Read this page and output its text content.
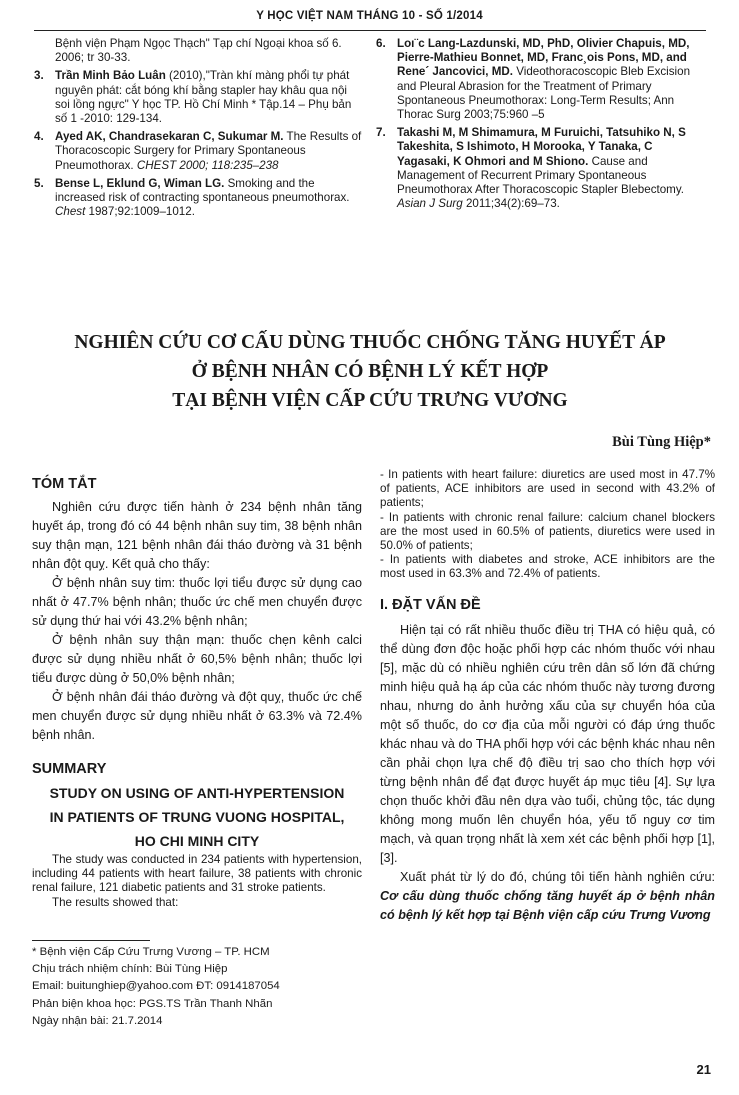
Y HỌC VIỆT NAM THÁNG 10 - SỐ 1/2014
Bệnh viện Phạm Ngọc Thạch" Tạp chí Ngoại khoa số 6. 2006; tr 30-33.
3. Trần Minh Bảo Luân (2010),"Tràn khí màng phổi tự phát nguyên phát: cắt bóng khí bằng stapler hay khâu qua nội soi lồng ngực" Y học TP. Hồ Chí Minh * Tập.14 – Phụ bản số 1 -2010: 129-134.
4. Ayed AK, Chandrasekaran C, Sukumar M. The Results of Thoracoscopic Surgery for Primary Spontaneous Pneumothorax. CHEST 2000; 118:235–238
5. Bense L, Eklund G, Wiman LG. Smoking and the increased risk of contracting spontaneous pneumothorax. Chest 1987;92:1009–1012.
6. Loı¨c Lang-Lazdunski, MD, PhD, Olivier Chapuis, MD, Pierre-Mathieu Bonnet, MD, Franc¸ois Pons, MD, and Rene´ Jancovici, MD. Videothoracoscopic Bleb Excision and Pleural Abrasion for the Treatment of Primary Spontaneous Pneumothorax: Long-Term Results; Ann Thorac Surg 2003;75:960 –5
7. Takashi M, M Shimamura, M Furuichi, Tatsuhiko N, S Takeshita, S Ishimoto, H Morooka, Y Tanaka, C Yagasaki, K Ohmori and M Shiono. Cause and Management of Recurrent Primary Spontaneous Pneumothorax After Thoracoscopic Stapler Blebectomy. Asian J Surg 2011;34(2):69–73.
NGHIÊN CỨU CƠ CẤU DÙNG THUỐC CHỐNG TĂNG HUYẾT ÁP
Ở BỆNH NHÂN CÓ BỆNH LÝ KẾT HỢP
TẠI BỆNH VIỆN CẤP CỨU TRƯNG VƯƠNG
Bùi Tùng Hiệp*
TÓM TẮT

Nghiên cứu được tiến hành ở 234 bệnh nhân tăng huyết áp, trong đó có 44 bệnh nhân suy tim, 38 bệnh nhân suy thận mạn, 121 bệnh nhân đái tháo đường và 31 bệnh nhân đột quỵ. Kết quả cho thấy:

Ở bệnh nhân suy tim: thuốc lợi tiểu được sử dụng cao nhất ở 47.7% bệnh nhân; thuốc ức chế men chuyển được sử dụng thứ hai với 43.2% bệnh nhân;

Ở bệnh nhân suy thận mạn: thuốc chẹn kênh calci được sử dụng nhiều nhất ở 60,5% bệnh nhân; thuốc lợi tiểu được dùng ở 50,0% bệnh nhân;

Ở bệnh nhân đái tháo đường và đột quỵ, thuốc ức chế men chuyển được sử dụng nhiều nhất ở 63.3% và 72.4% bệnh nhân.

SUMMARY
STUDY ON USING OF ANTI-HYPERTENSION
IN PATIENTS OF TRUNG VUONG HOSPITAL,
HO CHI MINH CITY
The study was conducted in 234 patients with hypertension, including 44 patients with heart failure, 38 patients with chronic renal failure, 121 diabetic patients and 31 stroke patients.
The results showed that:
* Bệnh viện Cấp Cứu Trưng Vương – TP. HCM
Chịu trách nhiệm chính: Bùi Tùng Hiệp
Email: buitunghiep@yahoo.com ĐT: 0914187054
Phản biện khoa học: PGS.TS Trần Thanh Nhãn
Ngày nhận bài: 21.7.2014
- In patients with heart failure: diuretics are used most in 47.7% of patients, ACE inhibitors are used in second with 43.2% of patients;
- In patients with chronic renal failure: calcium chanel blockers are the most used in 60.5% of patients, diuretics were used in 50.0% of patients;
- In patients with diabetes and stroke, ACE inhibitors are the most used in 63.3% and 72.4% of patients.
I. ĐẶT VẤN ĐỀ

Hiện tại có rất nhiều thuốc điều trị THA có hiệu quả, có thể dùng đơn độc hoặc phối hợp các nhóm thuốc với nhau [5], mặc dù có nhiều nghiên cứu trên dân số lớn đã chứng minh hiệu quả hạ áp của các nhóm thuốc này tương đương nhau, nhưng do ảnh hưởng xấu của sự chuyển hóa của một số thuốc, do cơ địa của mỗi người có đáp ứng thuốc khác nhau và do THA phối hợp với các bệnh khác nhau nên cần phải chọn lựa chế độ điều trị sao cho thích hợp với từng bệnh nhân để đạt được huyết áp mục tiêu [4]. Sự lựa chọn thuốc khởi đầu nên dựa vào tuổi, chủng tộc, tác dụng không mong muốn lên chuyển hóa, yếu tố nguy cơ tim mạch, và quan trọng nhất là xem xét các bệnh phối hợp [1], [3].

Xuất phát từ lý do đó, chúng tôi tiến hành nghiên cứu: Cơ cấu dùng thuốc chống tăng huyết áp ở bệnh nhân có bệnh lý kết hợp tại Bệnh viện cấp cứu Trưng Vương

21
